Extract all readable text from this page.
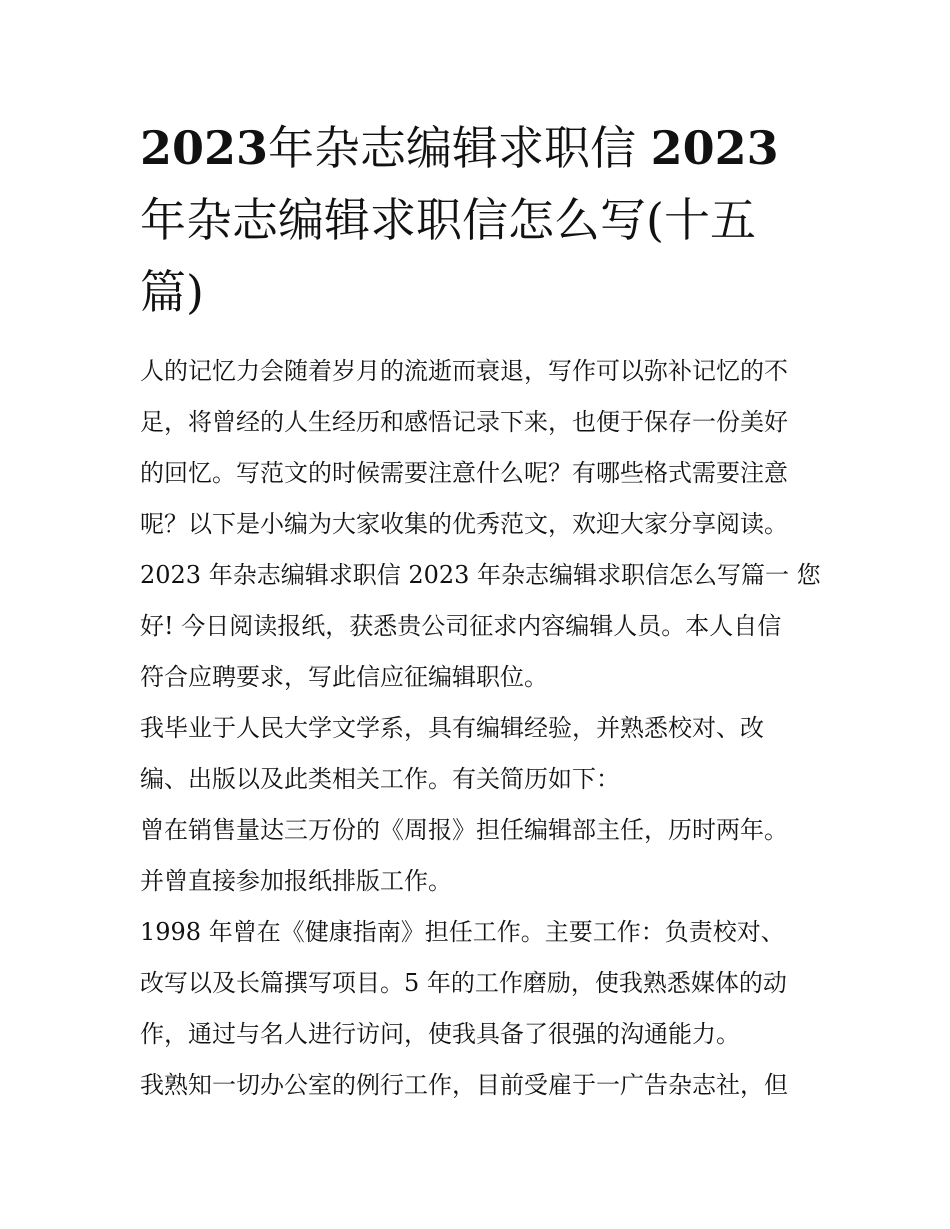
2023年杂志编辑求职信 2023
年杂志编辑求职信怎么写(十五
篇)

人的记忆力会随着岁月的流逝而衰退，写作可以弥补记忆的不
足，将曾经的人生经历和感悟记录下来，也便于保存一份美好
的回忆。写范文的时候需要注意什么呢？有哪些格式需要注意
呢？以下是小编为大家收集的优秀范文，欢迎大家分享阅读。

2023 年杂志编辑求职信 2023 年杂志编辑求职信怎么写篇一 您
好! 今日阅读报纸，获悉贵公司征求内容编辑人员。本人自信
符合应聘要求，写此信应征编辑职位。

我毕业于人民大学文学系，具有编辑经验，并熟悉校对、改
编、出版以及此类相关工作。有关简历如下：

曾在销售量达三万份的《周报》担任编辑部主任，历时两年。
并曾直接参加报纸排版工作。

1998 年曾在《健康指南》担任工作。主要工作：负责校对、
改写以及长篇撰写项目。5 年的工作磨励，使我熟悉媒体的动
作，通过与名人进行访问，使我具备了很强的沟通能力。

我熟知一切办公室的例行工作，目前受雇于一广告杂志社，但
